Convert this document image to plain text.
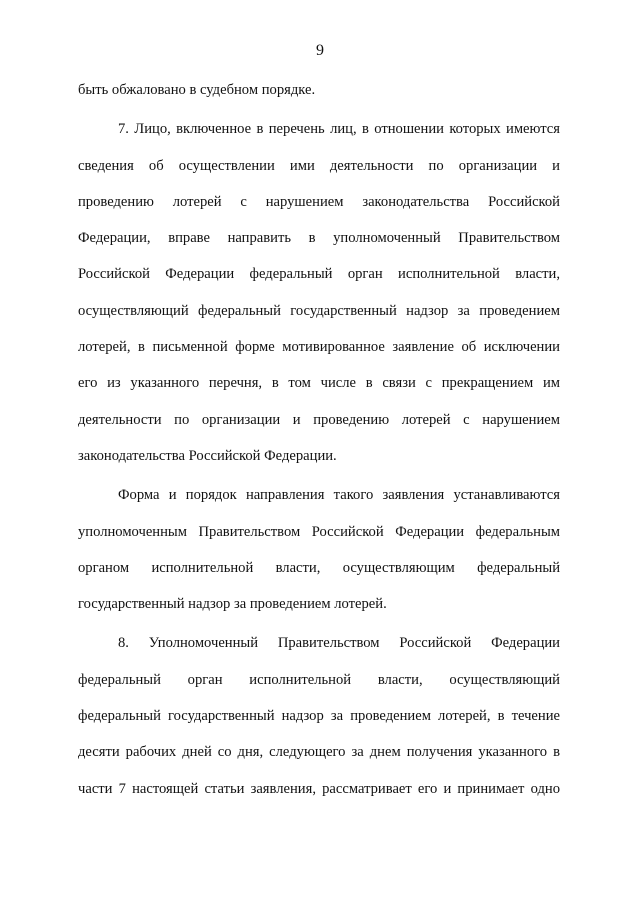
9
быть обжаловано в судебном порядке.
7. Лицо, включенное в перечень лиц, в отношении которых имеются
сведения об осуществлении ими деятельности по организации и
проведению лотерей с нарушением законодательства Российской
Федерации, вправе направить в уполномоченный Правительством
Российской Федерации федеральный орган исполнительной власти,
осуществляющий федеральный государственный надзор за проведением
лотерей, в письменной форме мотивированное заявление об исключении
его из указанного перечня, в том числе в связи с прекращением им
деятельности по организации и проведению лотерей с нарушением
законодательства Российской Федерации.
Форма и порядок направления такого заявления устанавливаются
уполномоченным Правительством Российской Федерации федеральным
органом исполнительной власти, осуществляющим федеральный
государственный надзор за проведением лотерей.
8. Уполномоченный Правительством Российской Федерации
федеральный орган исполнительной власти, осуществляющий
федеральный государственный надзор за проведением лотерей, в течение
десяти рабочих дней со дня, следующего за днем получения указанного в
части 7 настоящей статьи заявления, рассматривает его и принимает одно
